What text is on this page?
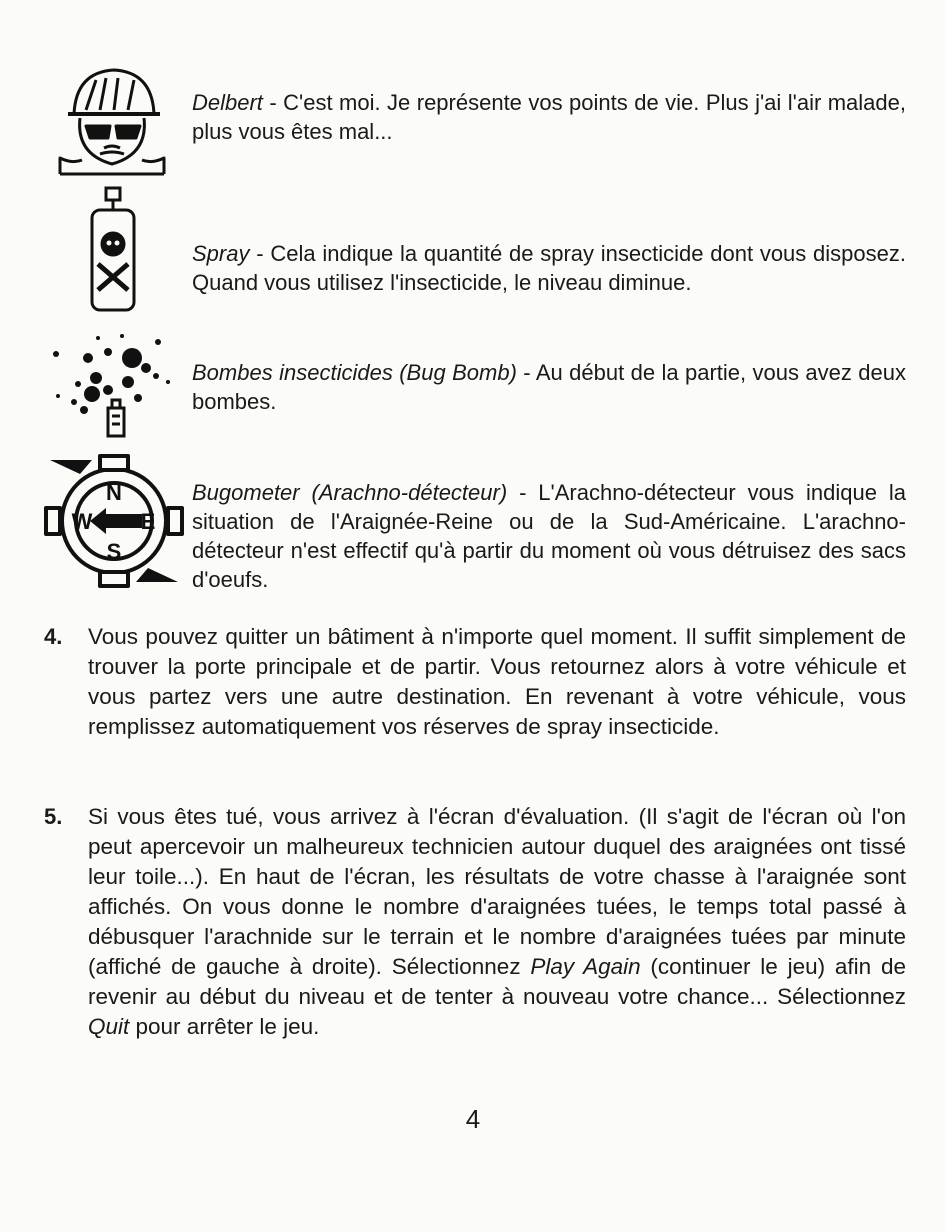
Delbert - C'est moi. Je représente vos points de vie. Plus j'ai l'air malade, plus vous êtes mal...
Spray - Cela indique la quantité de spray insecticide dont vous disposez. Quand vous utilisez l'insecticide, le niveau diminue.
Bombes insecticides (Bug Bomb) - Au début de la partie, vous avez deux bombes.
N
S
W E
Bugometer (Arachno-détecteur) - L'Arachno-détecteur vous indique la situation de l'Araignée-Reine ou de la Sud-Américaine. L'arachno-détecteur n'est effectif qu'à partir du moment où vous détruisez des sacs d'oeufs.
4. Vous pouvez quitter un bâtiment à n'importe quel moment. Il suffit simplement de trouver la porte principale et de partir. Vous retournez alors à votre véhicule et vous partez vers une autre destination. En revenant à votre véhicule, vous remplissez automatiquement vos réserves de spray insecticide.
5. Si vous êtes tué, vous arrivez à l'écran d'évaluation. (Il s'agit de l'écran où l'on peut apercevoir un malheureux technicien autour duquel des araignées ont tissé leur toile...). En haut de l'écran, les résultats de votre chasse à l'araignée sont affichés. On vous donne le nombre d'araignées tuées, le temps total passé à débusquer l'arachnide sur le terrain et le nombre d'araignées tuées par minute (affiché de gauche à droite). Sélectionnez Play Again (continuer le jeu) afin de revenir au début du niveau et de tenter à nouveau votre chance... Sélectionnez Quit pour arrêter le jeu.
4
